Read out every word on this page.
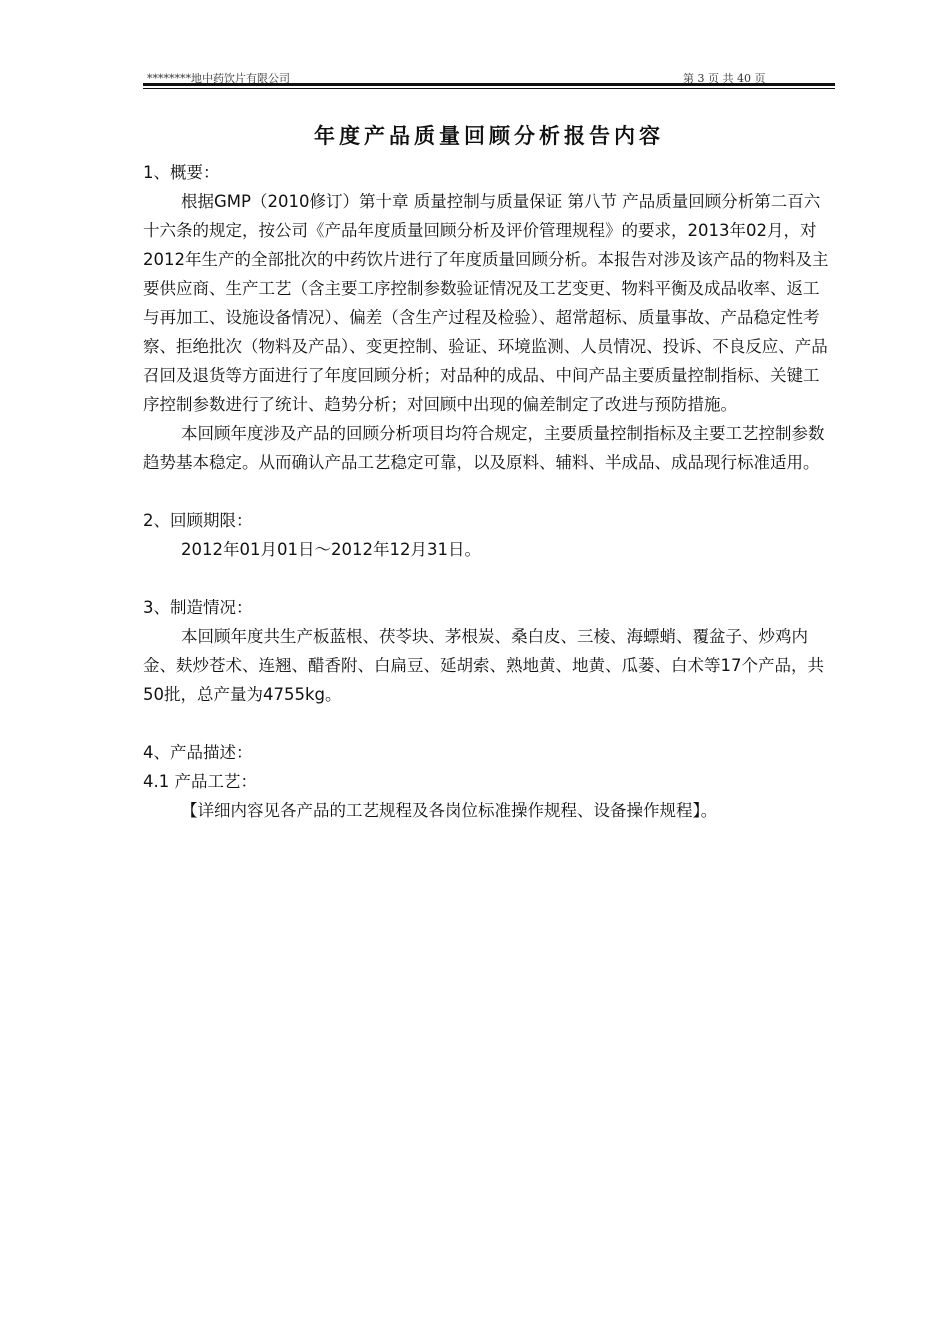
********地中药饮片有限公司	第 3 页 共 40 页
年度产品质量回顾分析报告内容

1、概要：

根据GMP（2010修订）第十章 质量控制与质量保证 第八节 产品质量回顾分析第二百六十六条的规定，按公司《产品年度质量回顾分析及评价管理规程》的要求，2013年02月，对2012年生产的全部批次的中药饮片进行了年度质量回顾分析。本报告对涉及该产品的物料及主要供应商、生产工艺（含主要工序控制参数验证情况及工艺变更、物料平衡及成品收率、返工与再加工、设施设备情况）、偏差（含生产过程及检验）、超常超标、质量事故、产品稳定性考察、拒绝批次（物料及产品）、变更控制、验证、环境监测、人员情况、投诉、不良反应、产品召回及退货等方面进行了年度回顾分析；对品种的成品、中间产品主要质量控制指标、关键工序控制参数进行了统计、趋势分析；对回顾中出现的偏差制定了改进与预防措施。

本回顾年度涉及产品的回顾分析项目均符合规定，主要质量控制指标及主要工艺控制参数趋势基本稳定。从而确认产品工艺稳定可靠，以及原料、辅料、半成品、成品现行标准适用。

2、回顾期限：

2012年01月01日～2012年12月31日。

3、制造情况：

本回顾年度共生产板蓝根、茯苓块、茅根炭、桑白皮、三棱、海螵蛸、覆盆子、炒鸡内金、麸炒苍术、连翘、醋香附、白扁豆、延胡索、熟地黄、地黄、瓜蒌、白术等17个产品，共50批，总产量为4755kg。

4、产品描述：

4.1 产品工艺：

【详细内容见各产品的工艺规程及各岗位标准操作规程、设备操作规程】。
